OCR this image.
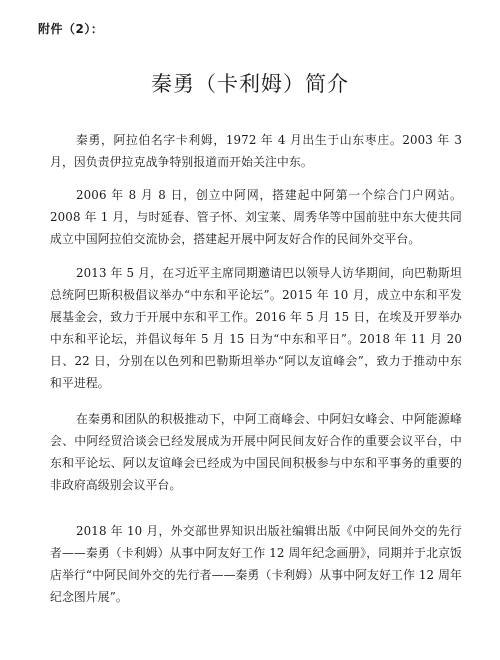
附件（2）：
秦勇（卡利姆）简介

秦勇，阿拉伯名字卡利姆，1972 年 4 月出生于山东枣庄。2003 年 3 月，因负责伊拉克战争特别报道而开始关注中东。

2006 年 8 月 8 日，创立中阿网，搭建起中阿第一个综合门户网站。2008 年 1 月，与时延春、管子怀、刘宝莱、周秀华等中国前驻中东大使共同成立中国阿拉伯交流协会，搭建起开展中阿友好合作的民间外交平台。

2013 年 5 月，在习近平主席同期邀请巴以领导人访华期间，向巴勒斯坦总统阿巴斯积极倡议举办“中东和平论坛”。2015 年 10 月，成立中东和平发展基金会，致力于开展中东和平工作。2016 年 5 月 15 日，在埃及开罗举办中东和平论坛，并倡议每年 5 月 15 日为“中东和平日”。2018 年 11 月 20 日、22 日，分别在以色列和巴勒斯坦举办“阿以友谊峰会”，致力于推动中东和平进程。

在秦勇和团队的积极推动下，中阿工商峰会、中阿妇女峰会、中阿能源峰会、中阿经贸洽谈会已经发展成为开展中阿民间友好合作的重要会议平台，中东和平论坛、阿以友谊峰会已经成为中国民间积极参与中东和平事务的重要的非政府高级别会议平台。

2018 年 10 月，外交部世界知识出版社编辑出版《中阿民间外交的先行者——秦勇（卡利姆）从事中阿友好工作 12 周年纪念画册》，同期并于北京饭店举行“中阿民间外交的先行者——秦勇（卡利姆）从事中阿友好工作 12 周年纪念图片展”。
